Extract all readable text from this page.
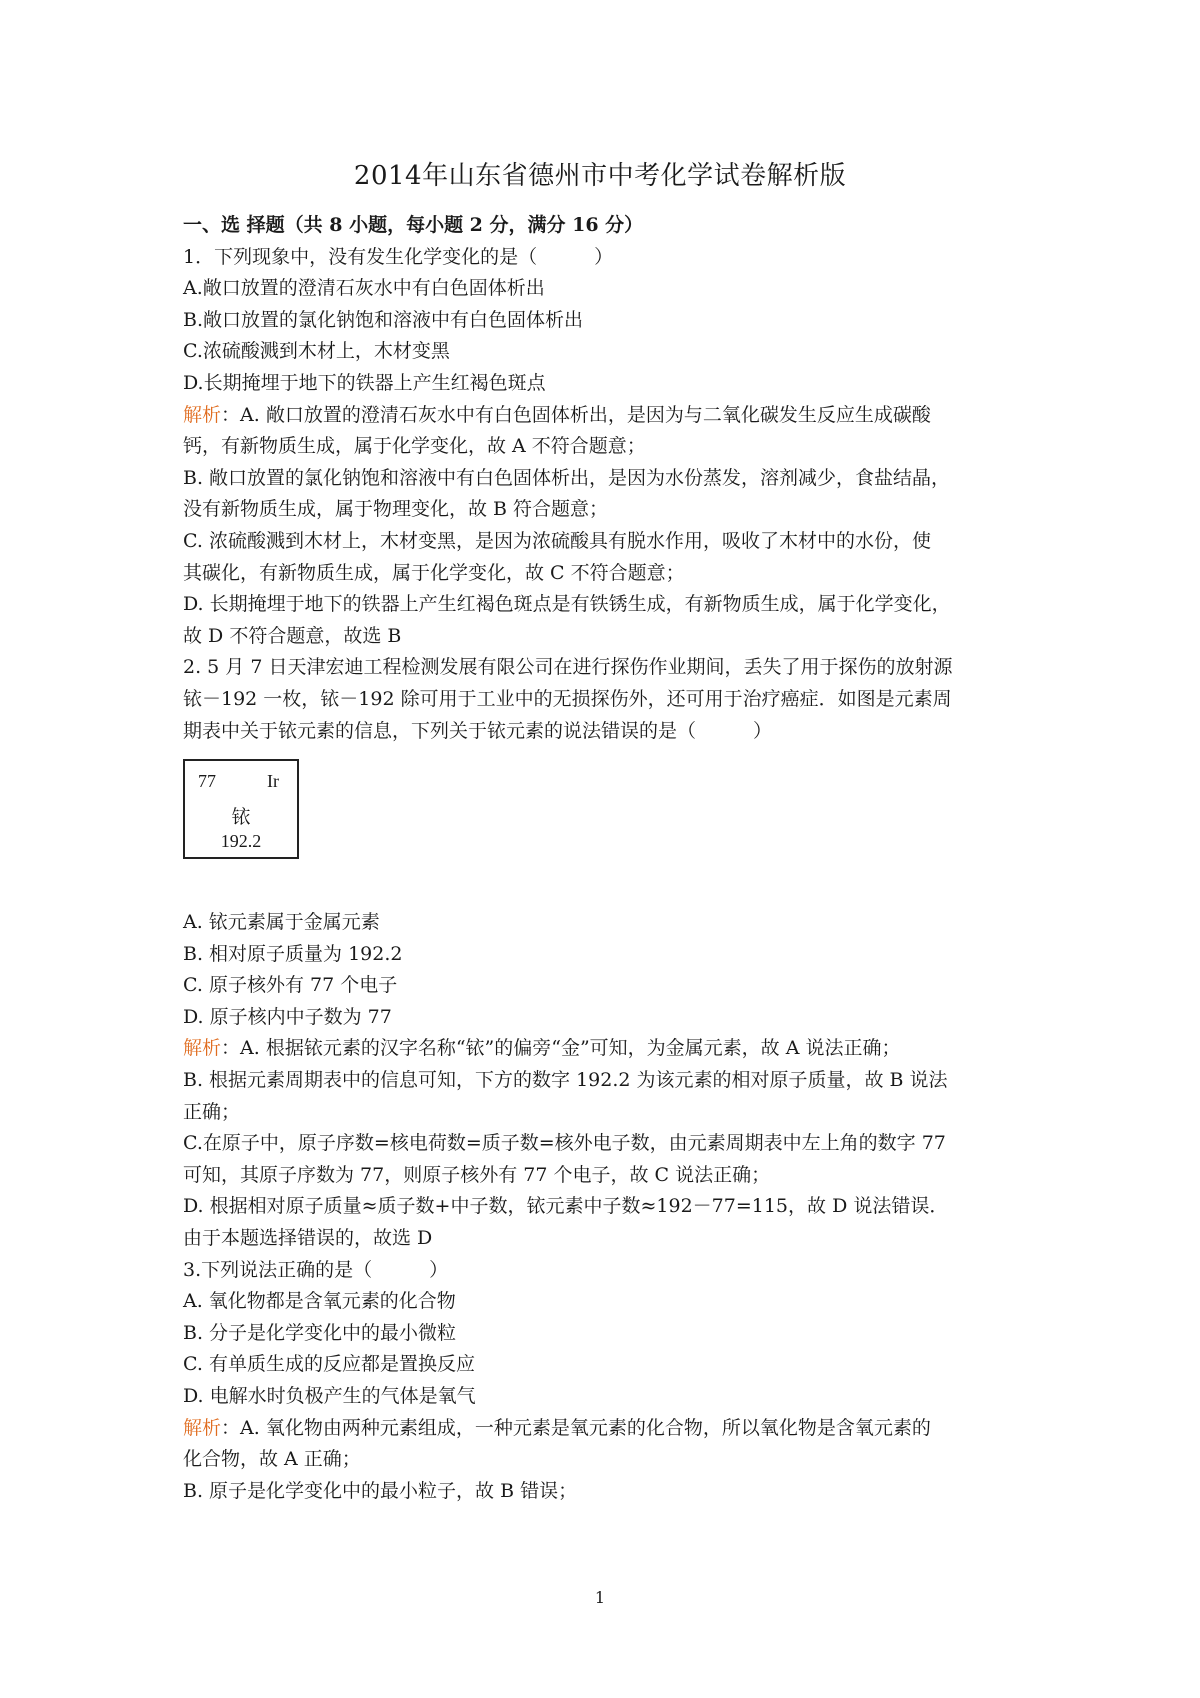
2014年山东省德州市中考化学试卷解析版
一、选 择题（共 8 小题，每小题 2 分，满分 16 分）
1．下列现象中，没有发生化学变化的是（　　　）
A.敞口放置的澄清石灰水中有白色固体析出
B.敞口放置的氯化钠饱和溶液中有白色固体析出
C.浓硫酸溅到木材上，木材变黑
D.长期掩埋于地下的铁器上产生红褐色斑点
解析：A. 敞口放置的澄清石灰水中有白色固体析出，是因为与二氧化碳发生反应生成碳酸
钙，有新物质生成，属于化学变化，故 A 不符合题意；
B. 敞口放置的氯化钠饱和溶液中有白色固体析出，是因为水份蒸发，溶剂减少，食盐结晶，
没有新物质生成，属于物理变化，故 B 符合题意；
C. 浓硫酸溅到木材上，木材变黑，是因为浓硫酸具有脱水作用，吸收了木材中的水份，使
其碳化，有新物质生成，属于化学变化，故 C 不符合题意；
D. 长期掩埋于地下的铁器上产生红褐色斑点是有铁锈生成，有新物质生成，属于化学变化，
故 D 不符合题意，故选 B
2. 5 月 7 日天津宏迪工程检测发展有限公司在进行探伤作业期间，丢失了用于探伤的放射源
铱－192 一枚，铱－192 除可用于工业中的无损探伤外，还可用于治疗癌症．如图是元素周
期表中关于铱元素的信息，下列关于铱元素的说法错误的是（　　　）
77	Ir
铱
192.2
A. 铱元素属于金属元素
B. 相对原子质量为 192.2
C. 原子核外有 77 个电子
D. 原子核内中子数为 77
解析：A. 根据铱元素的汉字名称“铱”的偏旁“金”可知，为金属元素，故 A 说法正确；
B. 根据元素周期表中的信息可知，下方的数字 192.2 为该元素的相对原子质量，故 B 说法
正确；
C.在原子中，原子序数=核电荷数=质子数=核外电子数，由元素周期表中左上角的数字 77
可知，其原子序数为 77，则原子核外有 77 个电子，故 C 说法正确；
D. 根据相对原子质量≈质子数+中子数，铱元素中子数≈192－77=115，故 D 说法错误．
由于本题选择错误的，故选 D
3.下列说法正确的是（　　　）
A. 氧化物都是含氧元素的化合物
B. 分子是化学变化中的最小微粒
C. 有单质生成的反应都是置换反应
D. 电解水时负极产生的气体是氧气
解析：A. 氧化物由两种元素组成，一种元素是氧元素的化合物，所以氧化物是含氧元素的
化合物，故 A 正确；
B. 原子是化学变化中的最小粒子，故 B 错误；
1
